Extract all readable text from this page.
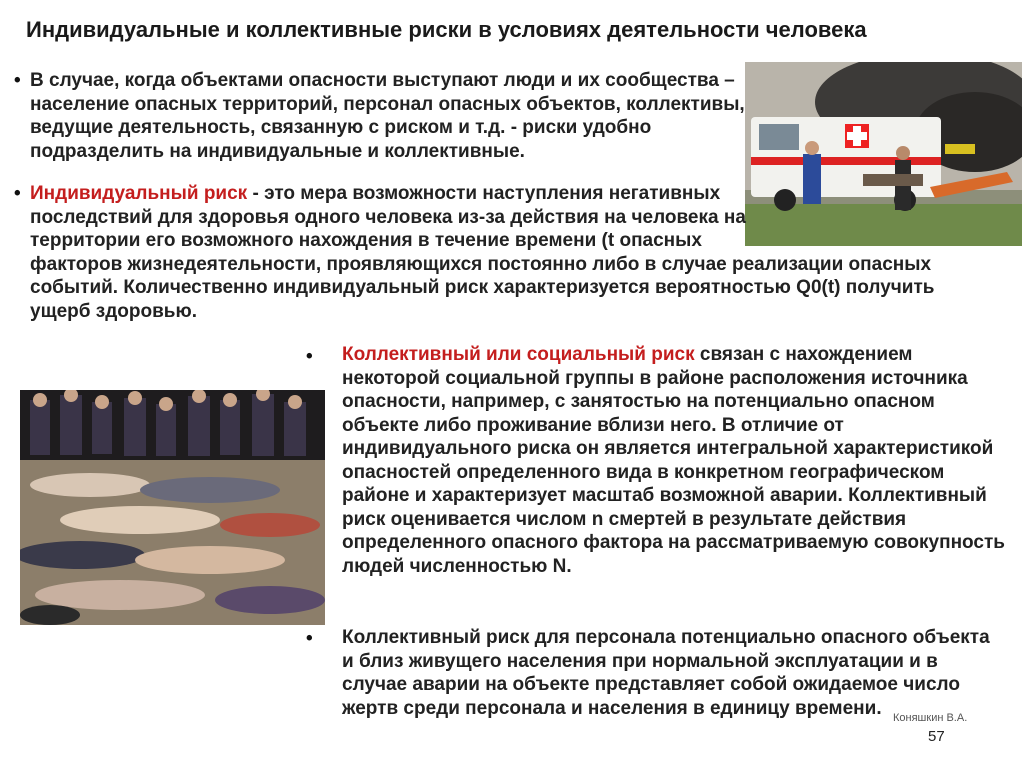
Индивидуальные и коллективные риски в условиях деятельности человека
• В случае, когда объектами опасности выступают люди и их сообщества – население опасных территорий, персонал опасных объектов, коллективы, ведущие деятельность, связанную с риском и т.д. - риски удобно подразделить на индивидуальные и коллективные.
• Индивидуальный риск - это мера возможности наступления негативных последствий для здоровья одного человека из-за действия на человека на территории его возможного нахождения в течение времени (t опасных факторов жизнедеятельности, проявляющихся постоянно либо в случае реализации опасных событий. Количественно индивидуальный риск характеризуется вероятностью Q0(t) получить ущерб здоровью.
• Коллективный или социальный риск связан с нахождением некоторой социальной группы в районе расположения источника опасности, например, с занятостью на потенциально опасном объекте либо проживание вблизи него. В отличие от индивидуального риска он является интегральной характеристикой опасностей определенного вида в конкретном географическом районе и характеризует масштаб возможной аварии. Коллективный риск оценивается числом n смертей в результате действия определенного опасного фактора на рассматриваемую совокупность людей численностью N.
• Коллективный риск для персонала потенциально опасного объекта и близ живущего населения при нормальной эксплуатации и в случае аварии на объекте представляет собой ожидаемое число жертв среди персонала и населения в единицу времени.	Коняшкин В.А.
57
